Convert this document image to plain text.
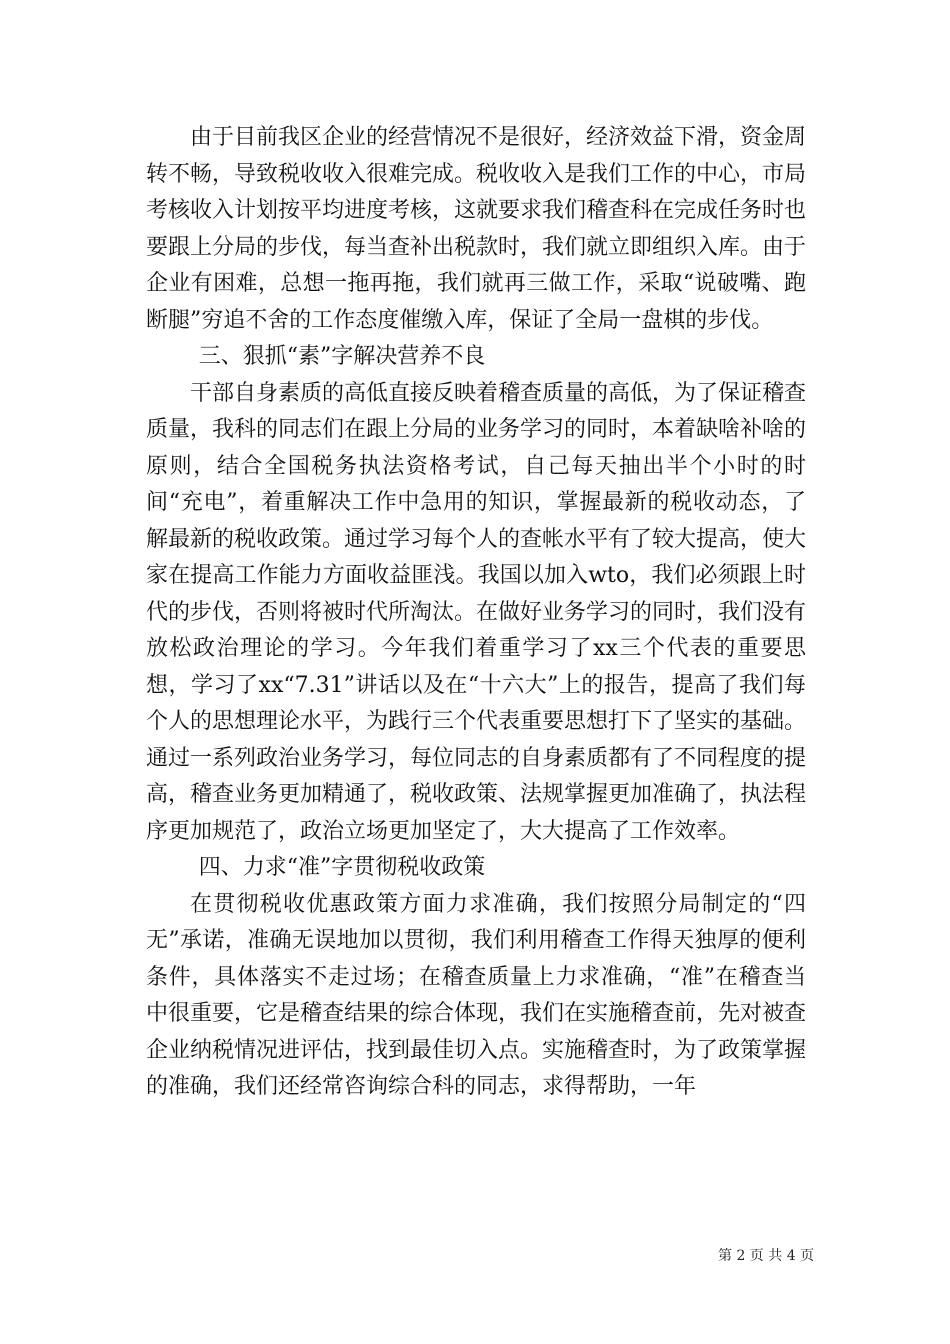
由于目前我区企业的经营情况不是很好，经济效益下滑，资金周转不畅，导致税收收入很难完成。税收收入是我们工作的中心，市局考核收入计划按平均进度考核，这就要求我们稽查科在完成任务时也要跟上分局的步伐，每当查补出税款时，我们就立即组织入库。由于企业有困难，总想一拖再拖，我们就再三做工作，采取“说破嘴、跑断腿”穷追不舍的工作态度催缴入库，保证了全局一盘棋的步伐。

三、狠抓“素”字解决营养不良

干部自身素质的高低直接反映着稽查质量的高低，为了保证稽查质量，我科的同志们在跟上分局的业务学习的同时，本着缺啥补啥的原则，结合全国税务执法资格考试，自己每天抽出半个小时的时间“充电”，着重解决工作中急用的知识，掌握最新的税收动态，了解最新的税收政策。通过学习每个人的查帐水平有了较大提高，使大家在提高工作能力方面收益匪浅。我国以加入wto，我们必须跟上时代的步伐，否则将被时代所淘汰。在做好业务学习的同时，我们没有放松政治理论的学习。今年我们着重学习了xx三个代表的重要思想，学习了xx“7.31”讲话以及在“十六大”上的报告，提高了我们每个人的思想理论水平，为践行三个代表重要思想打下了坚实的基础。通过一系列政治业务学习，每位同志的自身素质都有了不同程度的提高，稽查业务更加精通了，税收政策、法规掌握更加准确了，执法程序更加规范了，政治立场更加坚定了，大大提高了工作效率。

四、力求“准”字贯彻税收政策

在贯彻税收优惠政策方面力求准确，我们按照分局制定的“四无”承诺，准确无误地加以贯彻，我们利用稽查工作得天独厚的便利条件，具体落实不走过场；在稽查质量上力求准确，“准”在稽查当中很重要，它是稽查结果的综合体现，我们在实施稽查前，先对被查企业纳税情况进评估，找到最佳切入点。实施稽查时，为了政策掌握的准确，我们还经常咨询综合科的同志，求得帮助，一年

第 2 页 共 4 页
